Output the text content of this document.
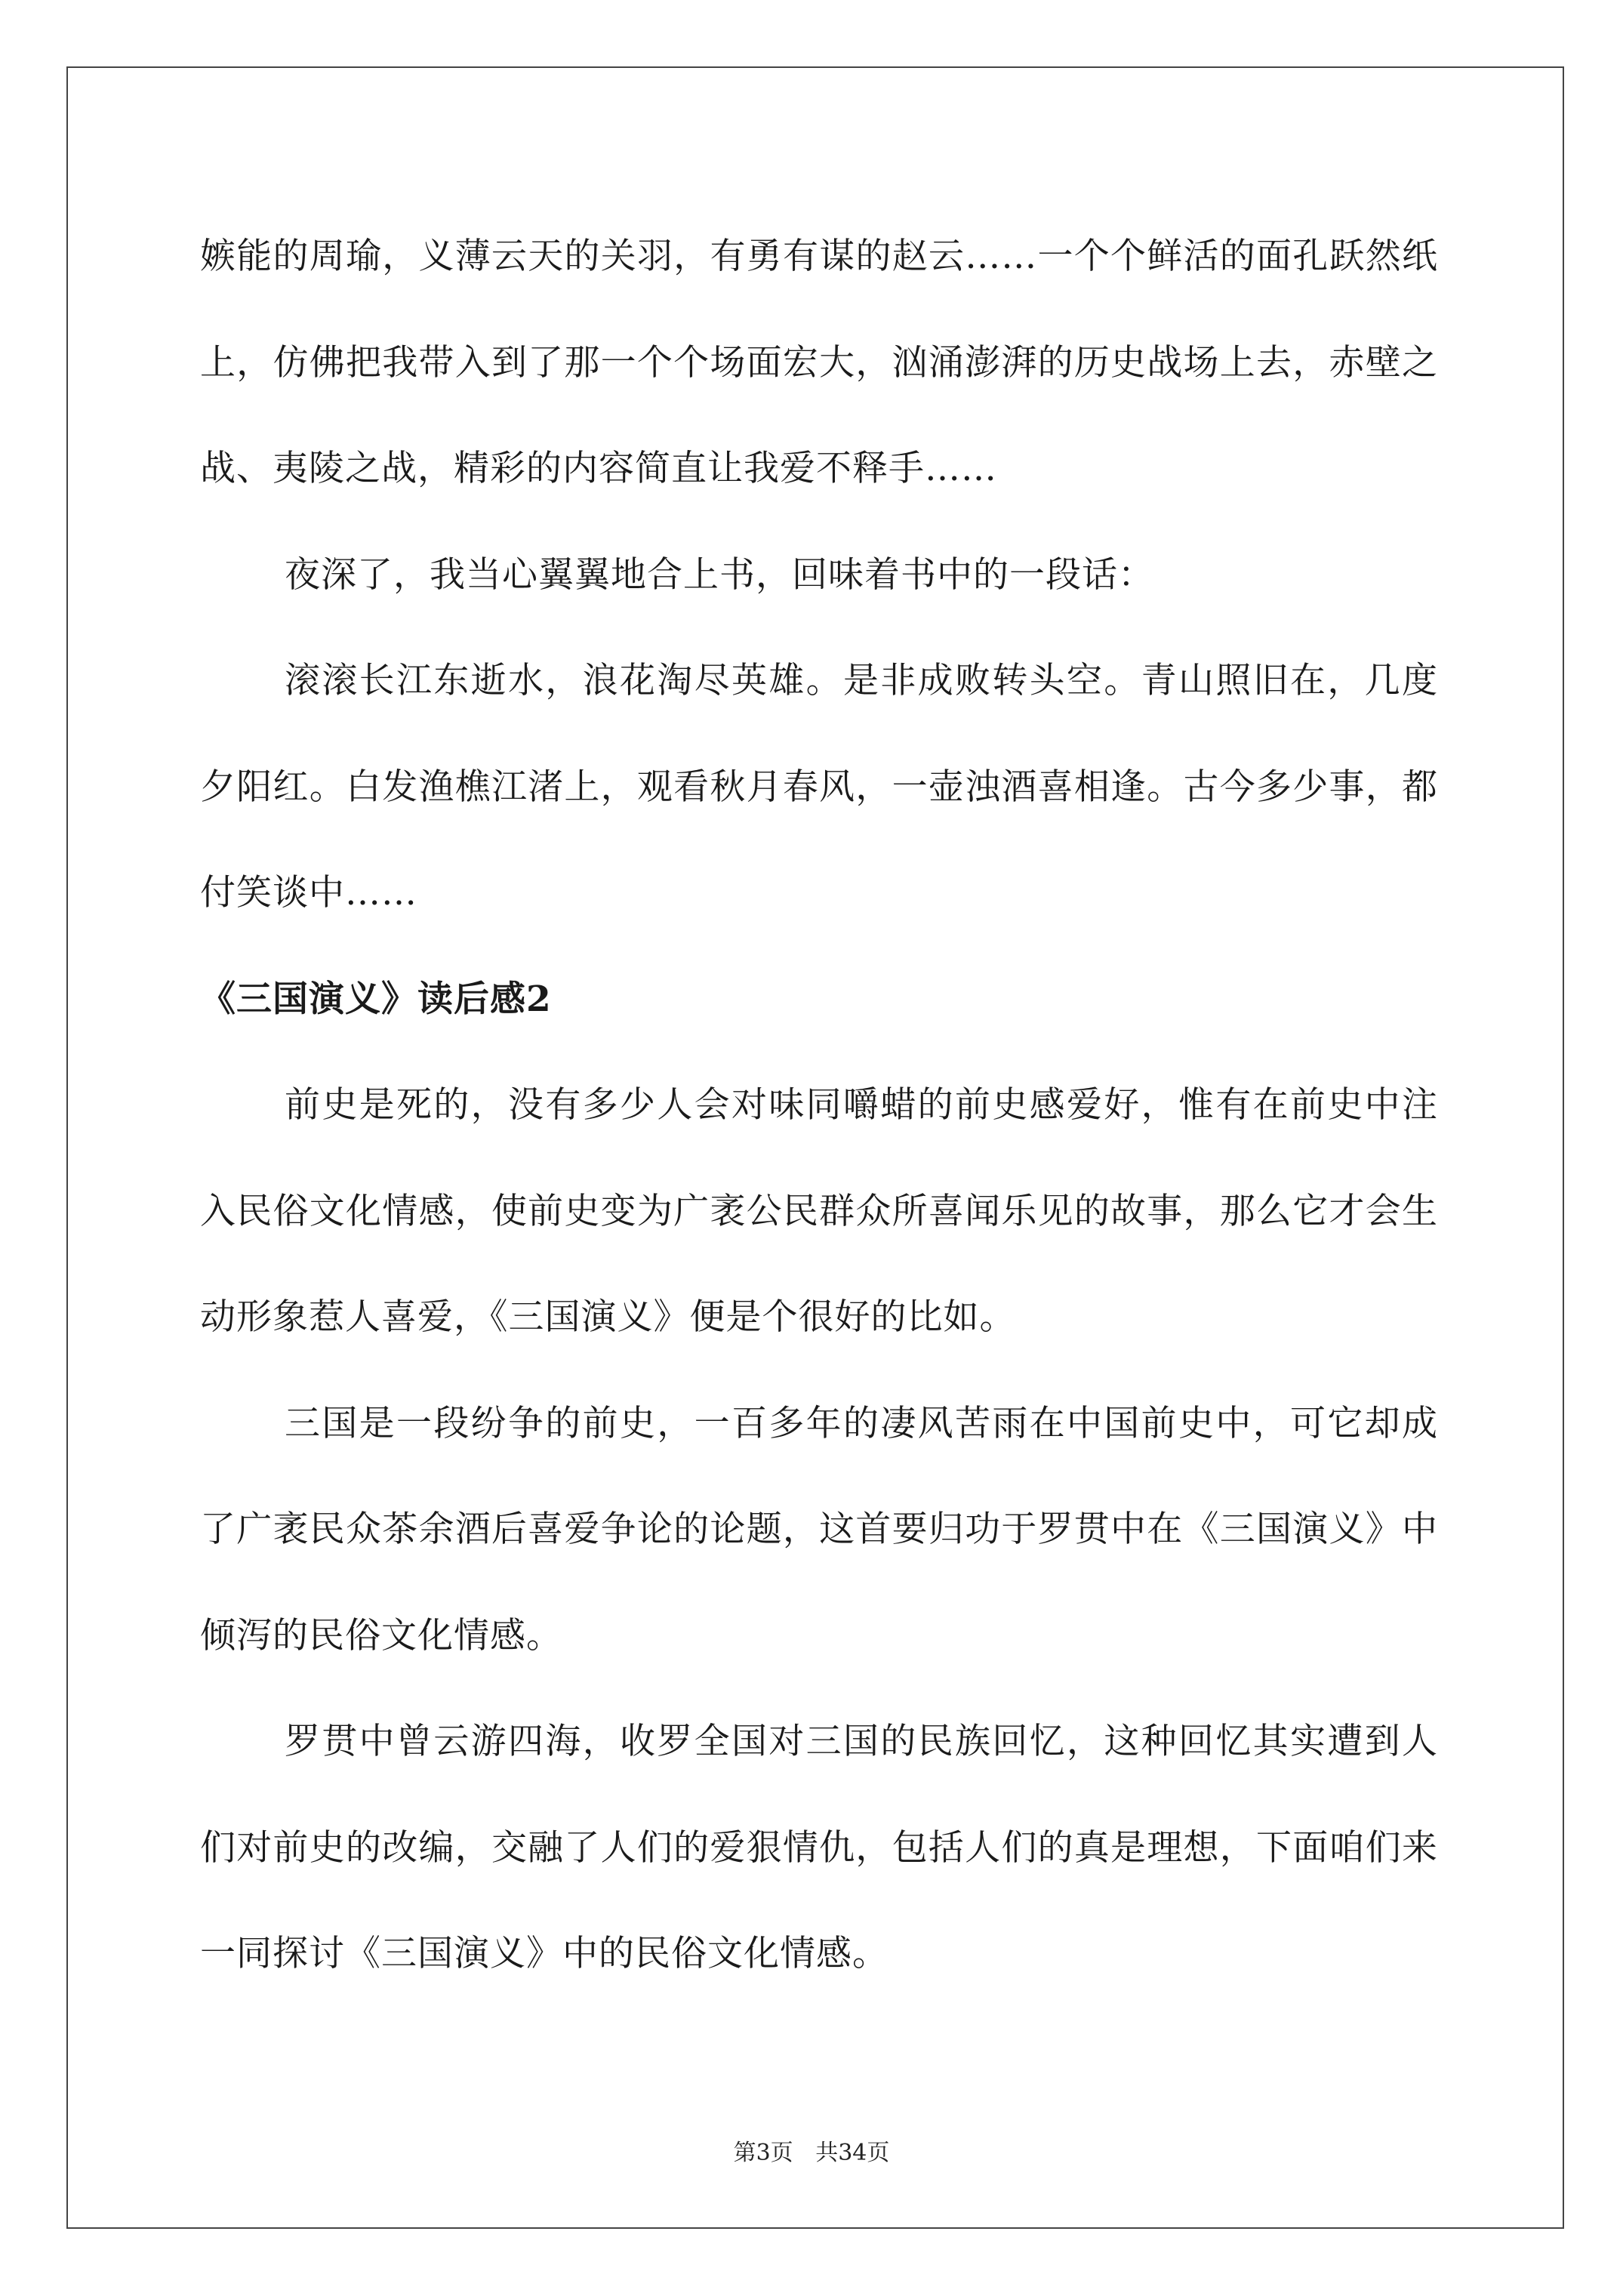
嫉能的周瑜，义薄云天的关羽，有勇有谋的赵云……一个个鲜活的面孔跃然纸上，仿佛把我带入到了那一个个场面宏大，汹涌澎湃的历史战场上去，赤壁之战、夷陵之战，精彩的内容简直让我爱不释手……

夜深了，我当心翼翼地合上书，回味着书中的一段话：

滚滚长江东逝水，浪花淘尽英雄。是非成败转头空。青山照旧在，几度夕阳红。白发渔樵江渚上，观看秋月春风，一壶浊酒喜相逢。古今多少事，都付笑谈中……

《三国演义》读后感2

前史是死的，没有多少人会对味同嚼蜡的前史感爱好，惟有在前史中注入民俗文化情感，使前史变为广袤公民群众所喜闻乐见的故事，那么它才会生动形象惹人喜爱，《三国演义》便是个很好的比如。

三国是一段纷争的前史，一百多年的凄风苦雨在中国前史中，可它却成了广袤民众茶余酒后喜爱争论的论题，这首要归功于罗贯中在《三国演义》中倾泻的民俗文化情感。

罗贯中曾云游四海，收罗全国对三国的民族回忆，这种回忆其实遭到人们对前史的改编，交融了人们的爱狠情仇，包括人们的真是理想，下面咱们来一同探讨《三国演义》中的民俗文化情感。

第3页 共34页
